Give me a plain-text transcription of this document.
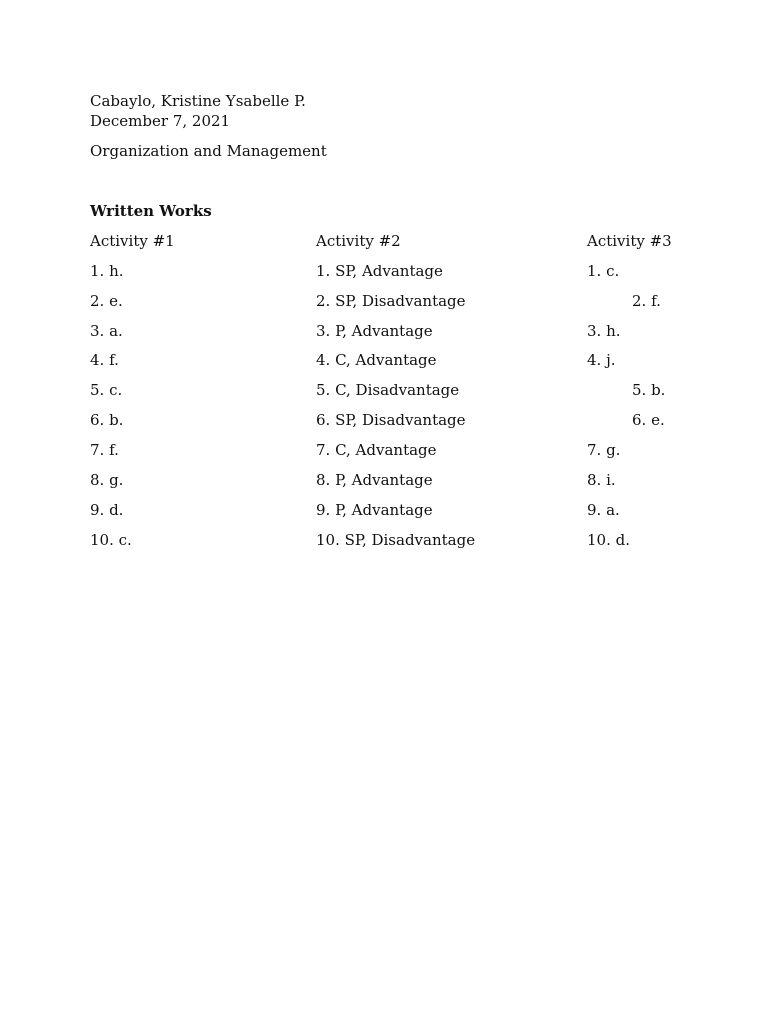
Cabaylo, Kristine Ysabelle P.
December 7, 2021
Organization and Management
Written Works
Activity #1	Activity #2	Activity #3
1. h.
2. e.
3. a.
4. f.
5. c.
6. b.
7. f.
8. g.
9. d.
10. c.
1. SP, Advantage
2. SP, Disadvantage
3. P, Advantage
4. C, Advantage
5. C, Disadvantage
6. SP, Disadvantage
7. C, Advantage
8. P, Advantage
9. P, Advantage
10. SP, Disadvantage
1. c.
2. f.
3. h.
4. j.
5. b.
6. e.
7. g.
8. i.
9. a.
10. d.
